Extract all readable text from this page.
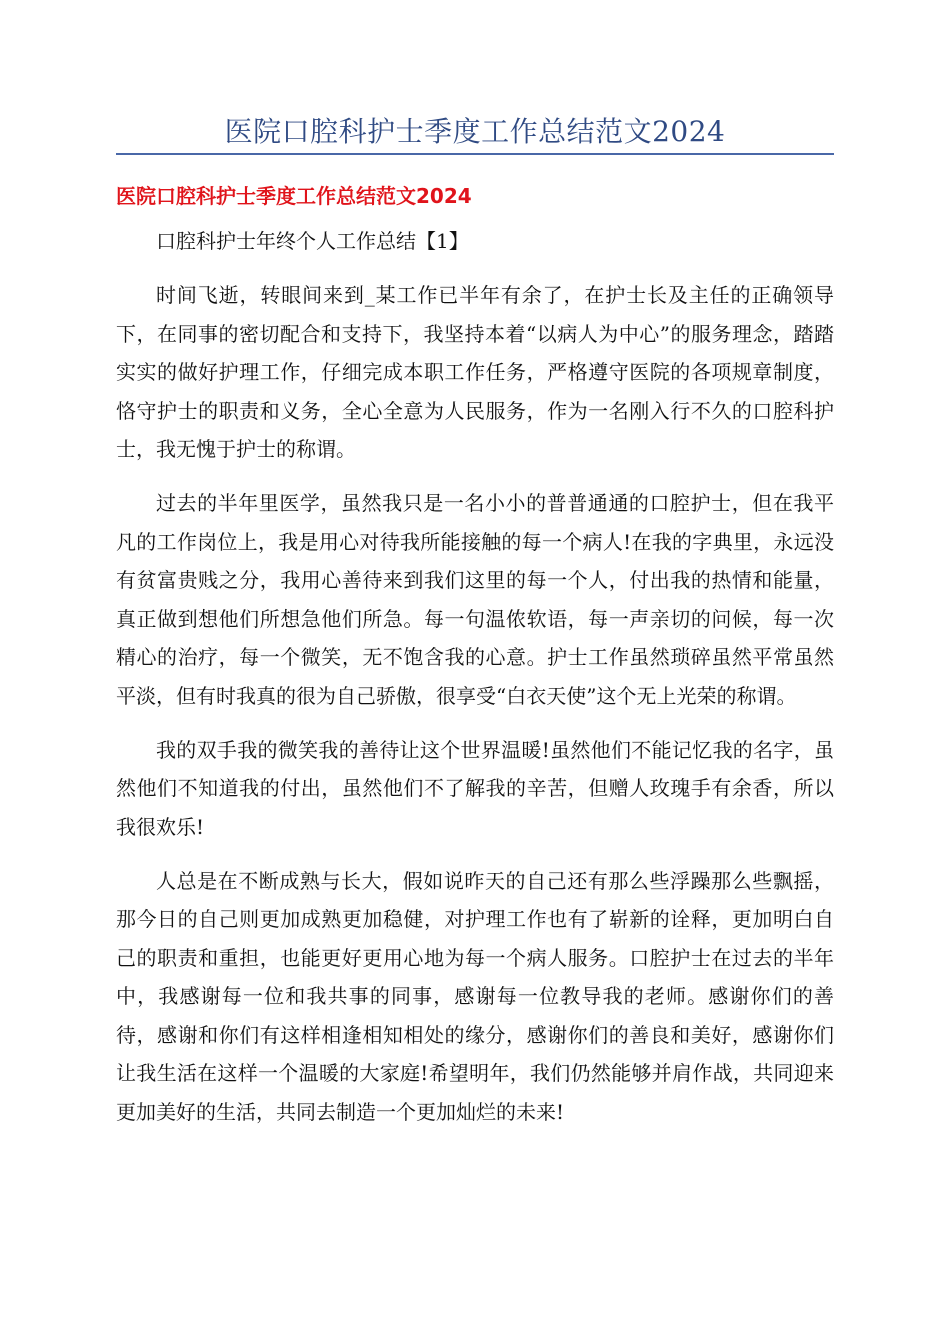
医院口腔科护士季度工作总结范文2024
医院口腔科护士季度工作总结范文2024

口腔科护士年终个人工作总结【1】

时间飞逝，转眼间来到_某工作已半年有余了，在护士长及主任的正确领导下，在同事的密切配合和支持下，我坚持本着“以病人为中心”的服务理念，踏踏实实的做好护理工作，仔细完成本职工作任务，严格遵守医院的各项规章制度，恪守护士的职责和义务，全心全意为人民服务，作为一名刚入行不久的口腔科护士，我无愧于护士的称谓。

过去的半年里医学，虽然我只是一名小小的普普通通的口腔护士，但在我平凡的工作岗位上，我是用心对待我所能接触的每一个病人!在我的字典里，永远没有贫富贵贱之分，我用心善待来到我们这里的每一个人，付出我的热情和能量，真正做到想他们所想急他们所急。每一句温侬软语，每一声亲切的问候，每一次精心的治疗，每一个微笑，无不饱含我的心意。护士工作虽然琐碎虽然平常虽然平淡，但有时我真的很为自己骄傲，很享受“白衣天使”这个无上光荣的称谓。

我的双手我的微笑我的善待让这个世界温暖!虽然他们不能记忆我的名字，虽然他们不知道我的付出，虽然他们不了解我的辛苦，但赠人玫瑰手有余香，所以我很欢乐!

人总是在不断成熟与长大，假如说昨天的自己还有那么些浮躁那么些飘摇，那今日的自己则更加成熟更加稳健，对护理工作也有了崭新的诠释，更加明白自己的职责和重担，也能更好更用心地为每一个病人服务。口腔护士在过去的半年中，我感谢每一位和我共事的同事，感谢每一位教导我的老师。感谢你们的善待，感谢和你们有这样相逢相知相处的缘分，感谢你们的善良和美好，感谢你们让我生活在这样一个温暖的大家庭!希望明年，我们仍然能够并肩作战，共同迎来更加美好的生活，共同去制造一个更加灿烂的未来!
